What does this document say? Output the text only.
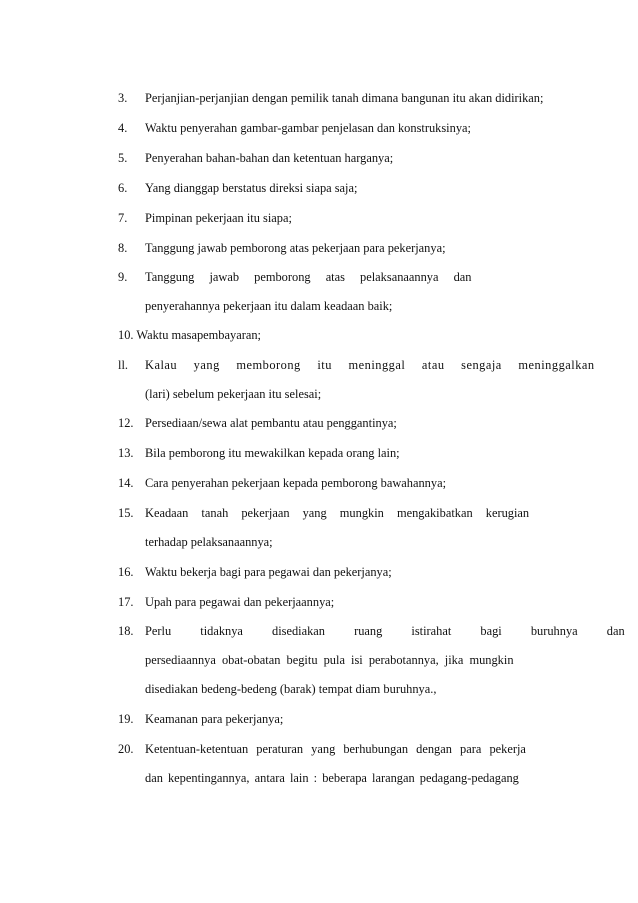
3. Perjanjian-perjanjian dengan pemilik tanah dimana bangunan itu akan didirikan;
4. Waktu penyerahan gambar-gambar penjelasan dan konstruksinya;
5. Penyerahan bahan-bahan dan ketentuan harganya;
6. Yang dianggap berstatus direksi siapa saja;
7. Pimpinan pekerjaan itu siapa;
8. Tanggung jawab pemborong atas pekerjaan para pekerjanya;
9. Tanggung jawab pemborong atas pelaksanaannya dan
penyerahannya pekerjaan itu dalam keadaan baik;
10. Waktu masapembayaran;
ll. Kalau yang memborong itu meninggal atau sengaja meninggalkan
(lari) sebelum pekerjaan itu selesai;
12. Persediaan/sewa alat pembantu atau penggantinya;
13. Bila pemborong itu mewakilkan kepada orang lain;
14. Cara penyerahan pekerjaan kepada pemborong bawahannya;
15. Keadaan tanah pekerjaan yang mungkin mengakibatkan kerugian
terhadap pelaksanaannya;
16. Waktu bekerja bagi para pegawai dan pekerjanya;
17. Upah para pegawai dan pekerjaannya;
18. Perlu tidaknya disediakan ruang istirahat bagi buruhnya dan
persediaannya obat-obatan begitu pula isi perabotannya, jika mungkin
disediakan bedeng-bedeng (barak) tempat diam buruhnya.,
19. Keamanan para pekerjanya;
20. Ketentuan-ketentuan peraturan yang berhubungan dengan para pekerja
dan kepentingannya, antara lain : beberapa larangan pedagang-pedagang
